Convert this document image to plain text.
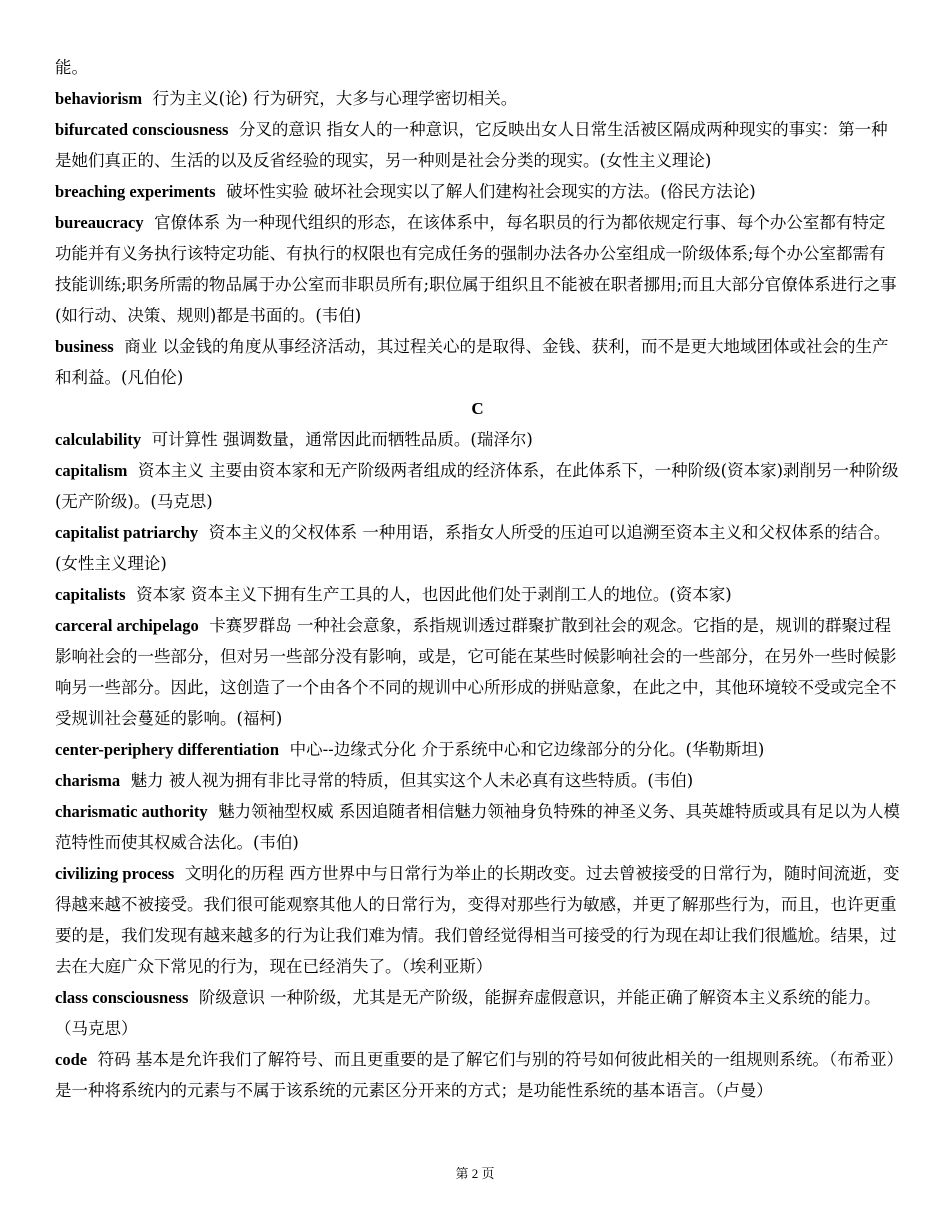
能。

behaviorism 行为主义(论) 行为研究，大多与心理学密切相关。

bifurcated consciousness 分叉的意识 指女人的一种意识，它反映出女人日常生活被区隔成两种现实的事实：第一种是她们真正的、生活的以及反省经验的现实，另一种则是社会分类的现实。(女性主义理论)

breaching experiments 破坏性实验 破坏社会现实以了解人们建构社会现实的方法。(俗民方法论)

bureaucracy 官僚体系 为一种现代组织的形态，在该体系中，每名职员的行为都依规定行事、每个办公室都有特定功能并有义务执行该特定功能、有执行的权限也有完成任务的强制办法各办公室组成一阶级体系;每个办公室都需有技能训练;职务所需的物品属于办公室而非职员所有;职位属于组织且不能被在职者挪用;而且大部分官僚体系进行之事(如行动、决策、规则)都是书面的。(韦伯)

business 商业 以金钱的角度从事经济活动，其过程关心的是取得、金钱、获利，而不是更大地域团体或社会的生产和利益。(凡伯伦)

C

calculability 可计算性 强调数量，通常因此而牺牲品质。(瑞泽尔)

capitalism 资本主义 主要由资本家和无产阶级两者组成的经济体系，在此体系下，一种阶级(资本家)剥削另一种阶级(无产阶级)。(马克思)

capitalist patriarchy 资本主义的父权体系 一种用语，系指女人所受的压迫可以追溯至资本主义和父权体系的结合。(女性主义理论)

capitalists 资本家 资本主义下拥有生产工具的人，也因此他们处于剥削工人的地位。(资本家)

carceral archipelago 卡赛罗群岛 一种社会意象，系指规训透过群聚扩散到社会的观念。它指的是，规训的群聚过程影响社会的一些部分，但对另一些部分没有影响，或是，它可能在某些时候影响社会的一些部分，在另外一些时候影响另一些部分。因此，这创造了一个由各个不同的规训中心所形成的拼贴意象，在此之中，其他环境较不受或完全不受规训社会蔓延的影响。(福柯)

center-periphery differentiation 中心--边缘式分化 介于系统中心和它边缘部分的分化。(华勒斯坦)

charisma 魅力 被人视为拥有非比寻常的特质，但其实这个人未必真有这些特质。(韦伯)

charismatic authority 魅力领袖型权威 系因追随者相信魅力领袖身负特殊的神圣义务、具英雄特质或具有足以为人模范特性而使其权威合法化。(韦伯)

civilizing process 文明化的历程 西方世界中与日常行为举止的长期改变。过去曾被接受的日常行为，随时间流逝，变得越来越不被接受。我们很可能观察其他人的日常行为，变得对那些行为敏感，并更了解那些行为，而且，也许更重要的是，我们发现有越来越多的行为让我们难为情。我们曾经觉得相当可接受的行为现在却让我们很尴尬。结果，过去在大庭广众下常见的行为，现在已经消失了。（埃利亚斯）

class consciousness 阶级意识 一种阶级，尤其是无产阶级，能摒弃虚假意识，并能正确了解资本主义系统的能力。（马克思）

code 符码 基本是允许我们了解符号、而且更重要的是了解它们与别的符号如何彼此相关的一组规则系统。（布希亚）是一种将系统内的元素与不属于该系统的元素区分开来的方式；是功能性系统的基本语言。（卢曼）

第 2 页
